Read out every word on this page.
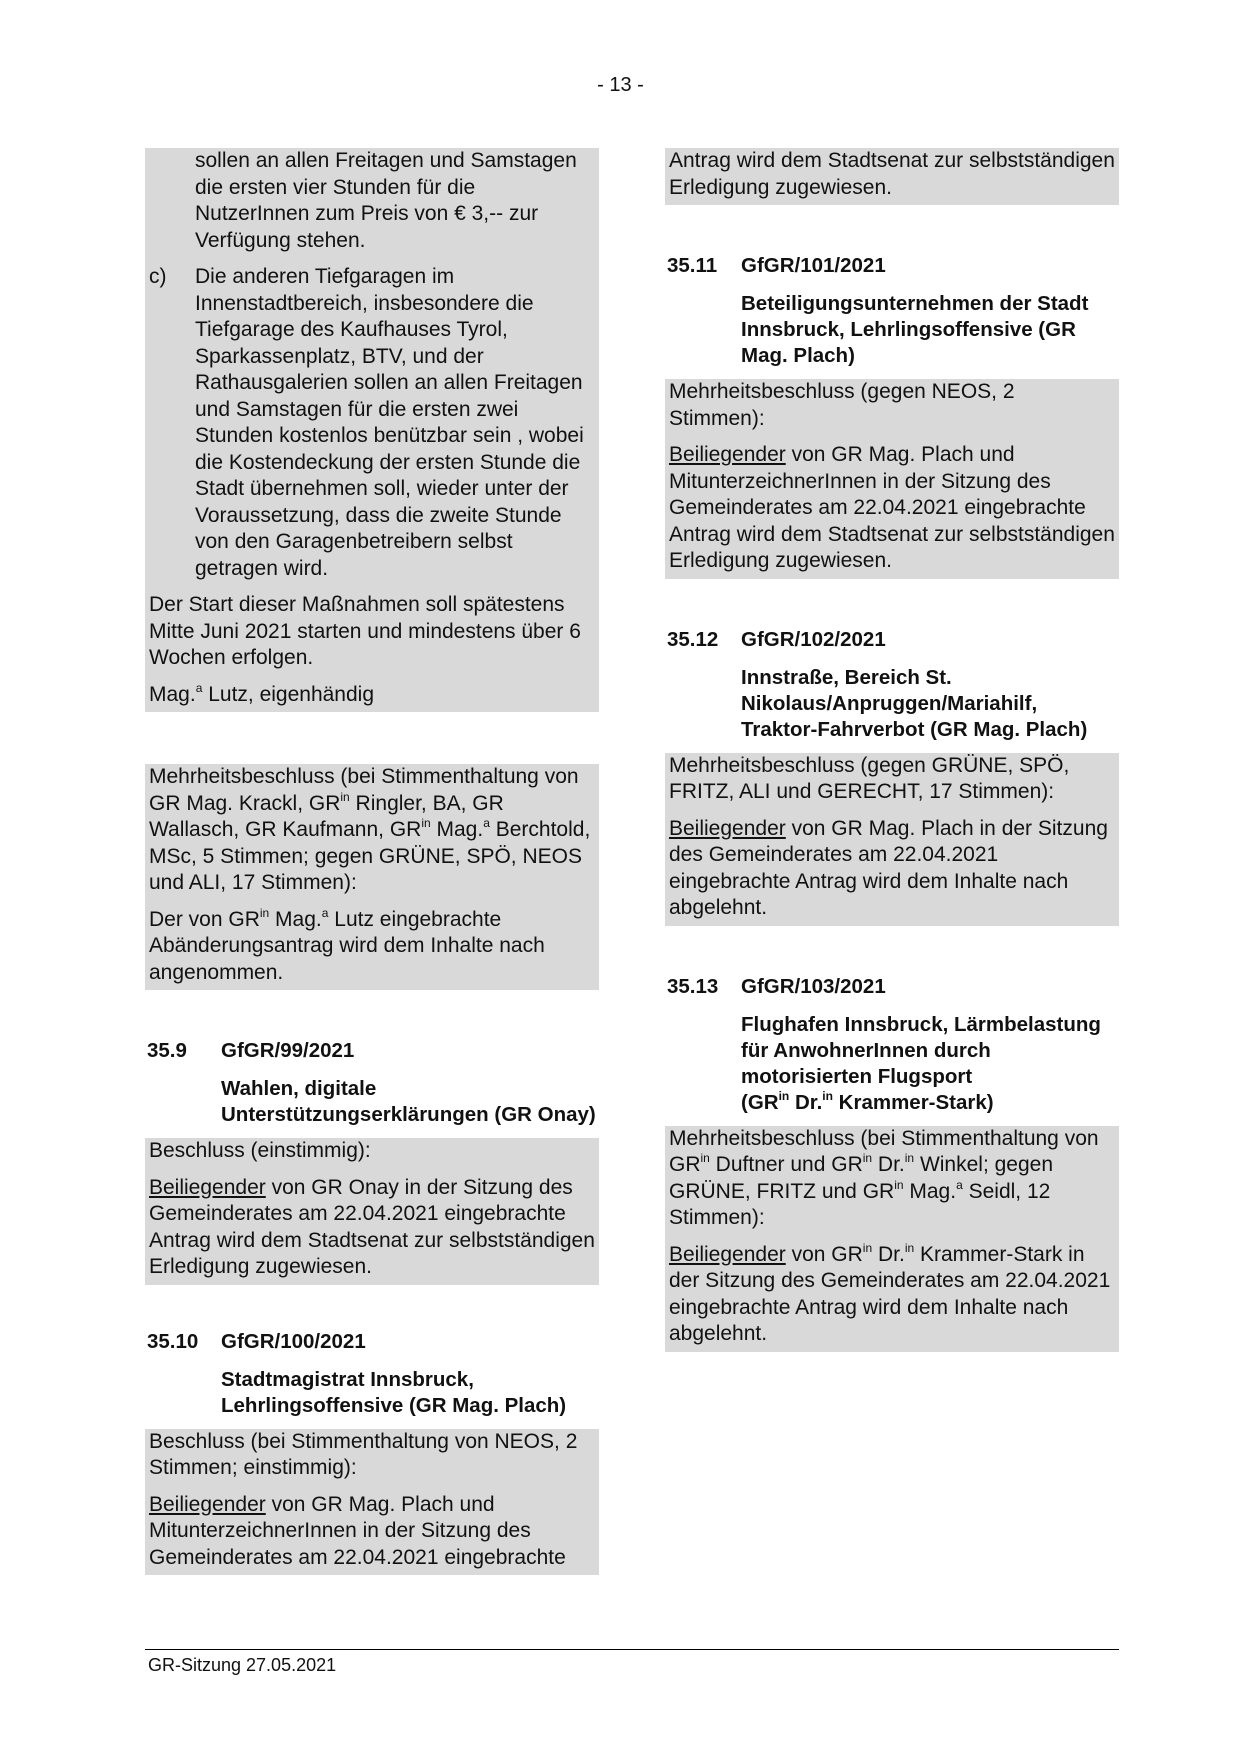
- 13 -

sollen an allen Freitagen und Samstagen die ersten vier Stunden für die NutzerInnen zum Preis von € 3,-- zur Verfügung stehen.

c)	Die anderen Tiefgaragen im Innenstadtbereich, insbesondere die Tiefgarage des Kaufhauses Tyrol, Sparkassenplatz, BTV, und der Rathausgalerien sollen an allen Freitagen und Samstagen für die ersten zwei Stunden kostenlos benützbar sein , wobei die Kostendeckung der ersten Stunde die Stadt übernehmen soll, wieder unter der Voraussetzung, dass die zweite Stunde von den Garagenbetreibern selbst getragen wird.

Der Start dieser Maßnahmen soll spätestens Mitte Juni 2021 starten und mindestens über 6 Wochen erfolgen.

Mag.$^a$ Lutz, eigenhändig

Mehrheitsbeschluss (bei Stimmenthaltung von GR Mag. Krackl, $GR^{in}$ Ringler, BA, GR Wallasch, GR Kaufmann, $GR^{in}$ Mag.$^a$ Berchtold, MSc, 5 Stimmen; gegen GRÜNE, SPÖ, NEOS und ALI, 17 Stimmen):

Der von $GR^{in}$ Mag.$^a$ Lutz eingebrachte Abänderungsantrag wird dem Inhalte nach angenommen.

35.9	GfGR/99/2021
Wahlen, digitale Unterstützungserklärungen (GR Onay)

Beschluss (einstimmig):

Beiliegender von GR Onay in der Sitzung des Gemeinderates am 22.04.2021 eingebrachte Antrag wird dem Stadtsenat zur selbstständigen Erledigung zugewiesen.

35.10	GfGR/100/2021
Stadtmagistrat Innsbruck, Lehrlingsoffensive (GR Mag. Plach)

Beschluss (bei Stimmenthaltung von NEOS, 2 Stimmen; einstimmig):

Beiliegender von GR Mag. Plach und MitunterzeichnerInnen in der Sitzung des Gemeinderates am 22.04.2021 eingebrachte

Antrag wird dem Stadtsenat zur selbstständigen Erledigung zugewiesen.

35.11	GfGR/101/2021
Beteiligungsunternehmen der Stadt Innsbruck, Lehrlingsoffensive (GR Mag. Plach)

Mehrheitsbeschluss (gegen NEOS, 2 Stimmen):

Beiliegender von GR Mag. Plach und MitunterzeichnerInnen in der Sitzung des Gemeinderates am 22.04.2021 eingebrachte Antrag wird dem Stadtsenat zur selbstständigen Erledigung zugewiesen.

35.12	GfGR/102/2021
Innstraße, Bereich St. Nikolaus/Anpruggen/Mariahilf, Traktor-Fahrverbot (GR Mag. Plach)

Mehrheitsbeschluss (gegen GRÜNE, SPÖ, FRITZ, ALI und GERECHT, 17 Stimmen):

Beiliegender von GR Mag. Plach in der Sitzung des Gemeinderates am 22.04.2021 eingebrachte Antrag wird dem Inhalte nach abgelehnt.

35.13	GfGR/103/2021
Flughafen Innsbruck, Lärmbelastung für AnwohnerInnen durch motorisierten Flugsport
($GR^{in}$ Dr.$^{in}$ Krammer-Stark)

Mehrheitsbeschluss (bei Stimmenthaltung von $GR^{in}$ Duftner und $GR^{in}$ Dr.$^{in}$ Winkel; gegen GRÜNE, FRITZ und $GR^{in}$ Mag.$^a$ Seidl, 12 Stimmen):

Beiliegender von $GR^{in}$ Dr.$^{in}$ Krammer-Stark in der Sitzung des Gemeinderates am 22.04.2021 eingebrachte Antrag wird dem Inhalte nach abgelehnt.

GR-Sitzung 27.05.2021
